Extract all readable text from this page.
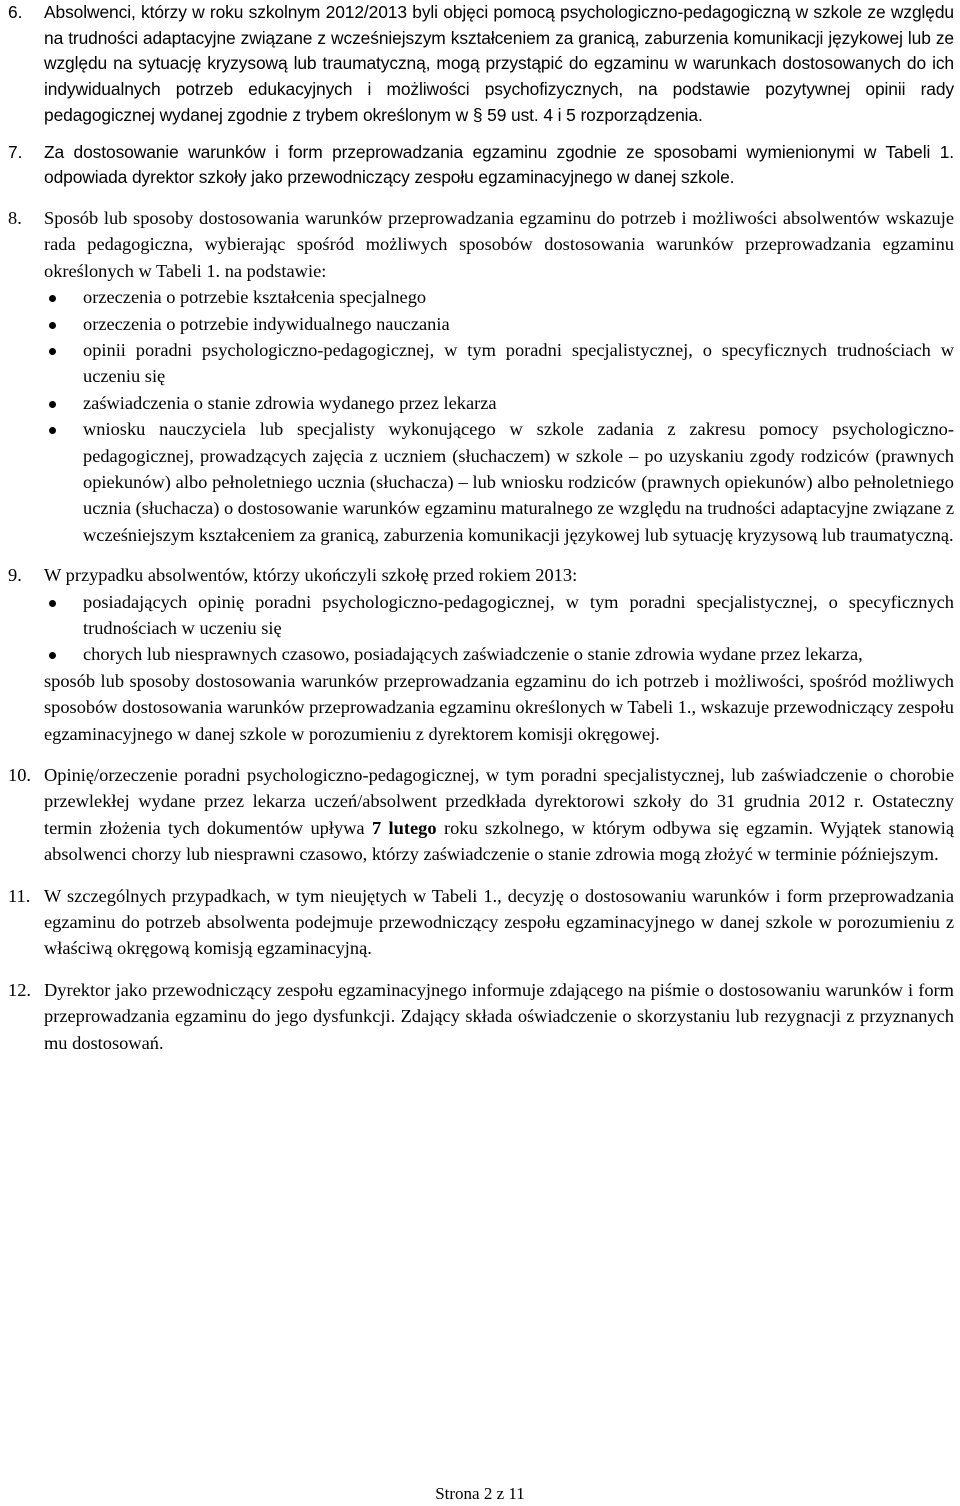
6. Absolwenci, którzy w roku szkolnym 2012/2013 byli objęci pomocą psychologiczno-pedagogiczną w szkole ze względu na trudności adaptacyjne związane z wcześniejszym kształceniem za granicą, zaburzenia komunikacji językowej lub ze względu na sytuację kryzysową lub traumatyczną, mogą przystąpić do egzaminu w warunkach dostosowanych do ich indywidualnych potrzeb edukacyjnych i możliwości psychofizycznych, na podstawie pozytywnej opinii rady pedagogicznej wydanej zgodnie z trybem określonym w § 59 ust. 4 i 5 rozporządzenia.
7. Za dostosowanie warunków i form przeprowadzania egzaminu zgodnie ze sposobami wymienionymi w Tabeli 1. odpowiada dyrektor szkoły jako przewodniczący zespołu egzaminacyjnego w danej szkole.
8. Sposób lub sposoby dostosowania warunków przeprowadzania egzaminu do potrzeb i możliwości absolwentów wskazuje rada pedagogiczna, wybierając spośród możliwych sposobów dostosowania warunków przeprowadzania egzaminu określonych w Tabeli 1. na podstawie:
orzeczenia o potrzebie kształcenia specjalnego
orzeczenia o potrzebie indywidualnego nauczania
opinii poradni psychologiczno-pedagogicznej, w tym poradni specjalistycznej, o specyficznych trudnościach w uczeniu się
zaświadczenia o stanie zdrowia wydanego przez lekarza
wniosku nauczyciela lub specjalisty wykonującego w szkole zadania z zakresu pomocy psychologiczno-pedagogicznej, prowadzących zajęcia z uczniem (słuchaczem) w szkole – po uzyskaniu zgody rodziców (prawnych opiekunów) albo pełnoletniego ucznia (słuchacza) – lub wniosku rodziców (prawnych opiekunów) albo pełnoletniego ucznia (słuchacza) o dostosowanie warunków egzaminu maturalnego ze względu na trudności adaptacyjne związane z wcześniejszym kształceniem za granicą, zaburzenia komunikacji językowej lub sytuację kryzysową lub traumatyczną.
9. W przypadku absolwentów, którzy ukończyli szkołę przed rokiem 2013:
posiadających opinię poradni psychologiczno-pedagogicznej, w tym poradni specjalistycznej, o specyficznych trudnościach w uczeniu się
chorych lub niesprawnych czasowo, posiadających zaświadczenie o stanie zdrowia wydane przez lekarza,
sposób lub sposoby dostosowania warunków przeprowadzania egzaminu do ich potrzeb i możliwości, spośród możliwych sposobów dostosowania warunków przeprowadzania egzaminu określonych w Tabeli 1., wskazuje przewodniczący zespołu egzaminacyjnego w danej szkole w porozumieniu z dyrektorem komisji okręgowej.
10. Opinię/orzeczenie poradni psychologiczno-pedagogicznej, w tym poradni specjalistycznej, lub zaświadczenie o chorobie przewlekłej wydane przez lekarza uczeń/absolwent przedkłada dyrektorowi szkoły do 31 grudnia 2012 r. Ostateczny termin złożenia tych dokumentów upływa 7 lutego roku szkolnego, w którym odbywa się egzamin. Wyjątek stanowią absolwenci chorzy lub niesprawni czasowo, którzy zaświadczenie o stanie zdrowia mogą złożyć w terminie późniejszym.
11. W szczególnych przypadkach, w tym nieujętych w Tabeli 1., decyzję o dostosowaniu warunków i form przeprowadzania egzaminu do potrzeb absolwenta podejmuje przewodniczący zespołu egzaminacyjnego w danej szkole w porozumieniu z właściwą okręgową komisją egzaminacyjną.
12. Dyrektor jako przewodniczący zespołu egzaminacyjnego informuje zdającego na piśmie o dostosowaniu warunków i form przeprowadzania egzaminu do jego dysfunkcji. Zdający składa oświadczenie o skorzystaniu lub rezygnacji z przyznanych mu dostosowań.
Strona 2 z 11
